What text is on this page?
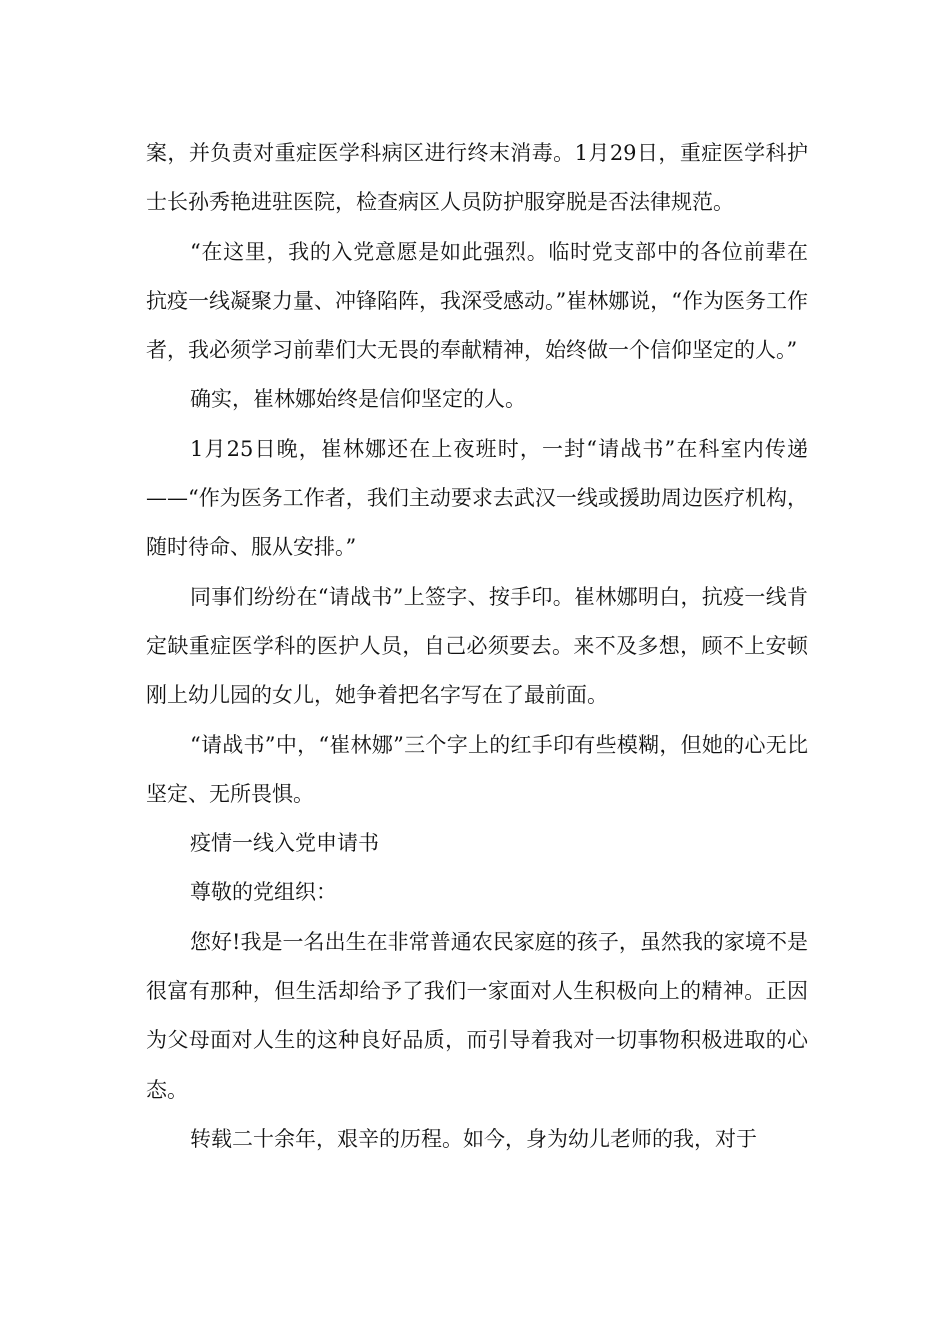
案，并负责对重症医学科病区进行终末消毒。1月29日，重症医学科护士长孙秀艳进驻医院，检查病区人员防护服穿脱是否法律规范。

“在这里，我的入党意愿是如此强烈。临时党支部中的各位前辈在抗疫一线凝聚力量、冲锋陷阵，我深受感动。”崔林娜说，“作为医务工作者，我必须学习前辈们大无畏的奉献精神，始终做一个信仰坚定的人。”

确实，崔林娜始终是信仰坚定的人。

1月25日晚，崔林娜还在上夜班时，一封“请战书”在科室内传递——“作为医务工作者，我们主动要求去武汉一线或援助周边医疗机构，随时待命、服从安排。”

同事们纷纷在“请战书”上签字、按手印。崔林娜明白，抗疫一线肯定缺重症医学科的医护人员，自己必须要去。来不及多想，顾不上安顿刚上幼儿园的女儿，她争着把名字写在了最前面。

“请战书”中，“崔林娜”三个字上的红手印有些模糊，但她的心无比坚定、无所畏惧。

疫情一线入党申请书

尊敬的党组织：

您好!我是一名出生在非常普通农民家庭的孩子，虽然我的家境不是很富有那种，但生活却给予了我们一家面对人生积极向上的精神。正因为父母面对人生的这种良好品质，而引导着我对一切事物积极进取的心态。

转载二十余年，艰辛的历程。如今，身为幼儿老师的我，对于
